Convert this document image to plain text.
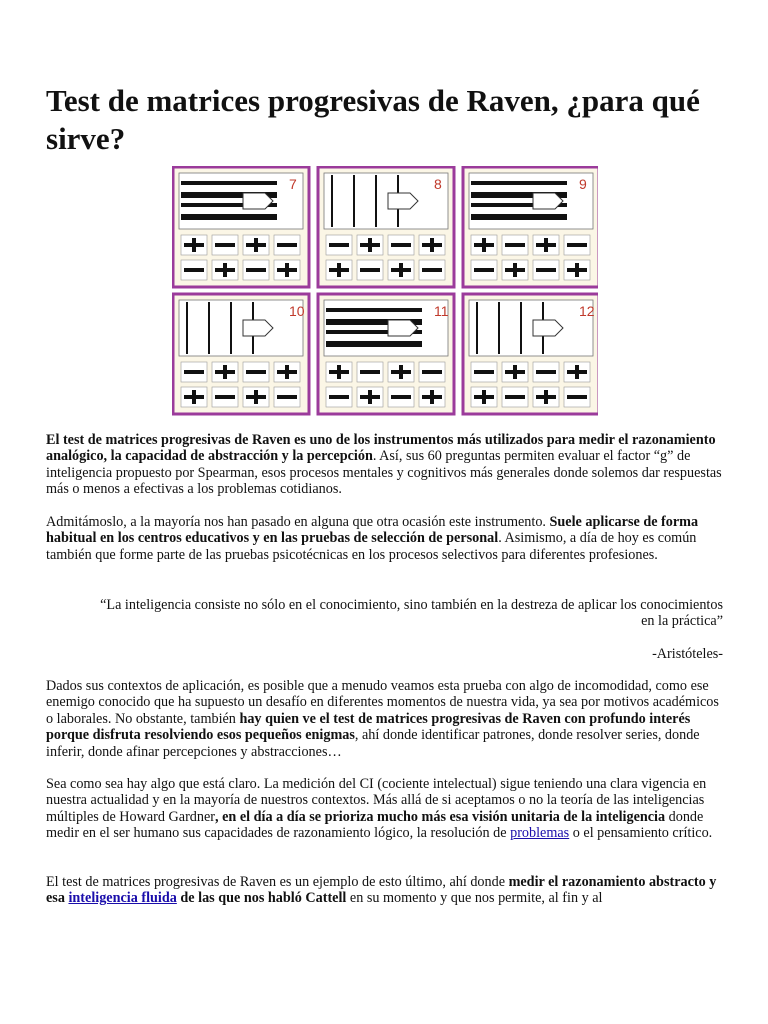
Test de matrices progresivas de Raven, ¿para qué sirve?
7	8	9
10	11	12

El test de matrices progresivas de Raven es uno de los instrumentos más utilizados para medir el razonamiento analógico, la capacidad de abstracción y la percepción. Así, sus 60 preguntas permiten evaluar el factor “g” de inteligencia propuesto por Spearman, esos procesos mentales y cognitivos más generales donde solemos dar respuestas más o menos a efectivas a los problemas cotidianos.

Admitámoslo, a la mayoría nos han pasado en alguna que otra ocasión este instrumento. Suele aplicarse de forma habitual en los centros educativos y en las pruebas de selección de personal. Asimismo, a día de hoy es común también que forme parte de las pruebas psicotécnicas en los procesos selectivos para diferentes profesiones.

“La inteligencia consiste no sólo en el conocimiento, sino también en la destreza de aplicar los conocimientos
en la práctica”
-Aristóteles-

Dados sus contextos de aplicación, es posible que a menudo veamos esta prueba con algo de incomodidad, como ese enemigo conocido que ha supuesto un desafío en diferentes momentos de nuestra vida, ya sea por motivos académicos o laborales. No obstante, también hay quien ve el test de matrices progresivas de Raven con profundo interés porque disfruta resolviendo esos pequeños enigmas, ahí donde identificar patrones, donde resolver series, donde inferir, donde afinar percepciones y abstracciones…

Sea como sea hay algo que está claro. La medición del CI (cociente intelectual) sigue teniendo una clara vigencia en nuestra actualidad y en la mayoría de nuestros contextos. Más allá de si aceptamos o no la teoría de las inteligencias múltiples de Howard Gardner, en el día a día se prioriza mucho más esa visión unitaria de la inteligencia donde medir en el ser humano sus capacidades de razonamiento lógico, la resolución de problemas o el pensamiento crítico.

El test de matrices progresivas de Raven es un ejemplo de esto último, ahí donde medir el razonamiento abstracto y esa inteligencia fluida de las que nos habló Cattell en su momento y que nos permite, al fin y al
